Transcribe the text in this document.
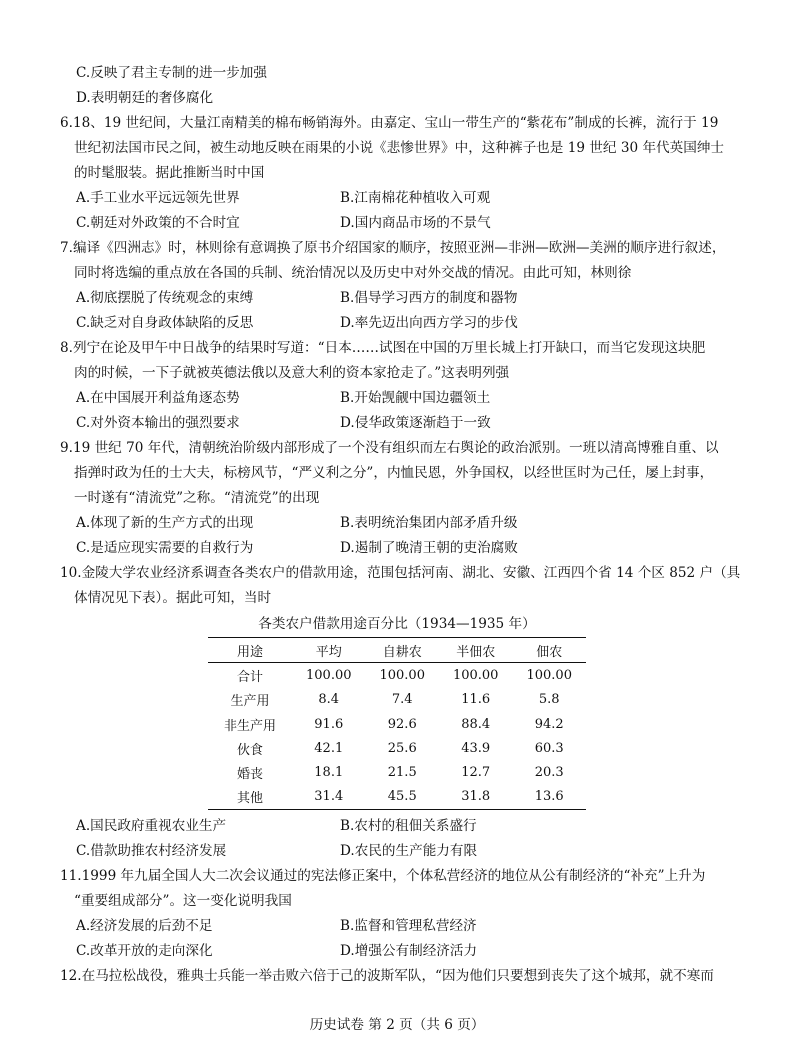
C.反映了君主专制的进一步加强
D.表明朝廷的奢侈腐化
6.18、19 世纪间，大量江南精美的棉布畅销海外。由嘉定、宝山一带生产的“紫花布”制成的长裤，流行于 19
世纪初法国市民之间，被生动地反映在雨果的小说《悲惨世界》中，这种裤子也是 19 世纪 30 年代英国绅士
的时髦服装。据此推断当时中国
A.手工业水平远远领先世界	B.江南棉花种植收入可观
C.朝廷对外政策的不合时宜	D.国内商品市场的不景气
7.编译《四洲志》时，林则徐有意调换了原书介绍国家的顺序，按照亚洲—非洲—欧洲—美洲的顺序进行叙述，
同时将选编的重点放在各国的兵制、统治情况以及历史中对外交战的情况。由此可知，林则徐
A.彻底摆脱了传统观念的束缚	B.倡导学习西方的制度和器物
C.缺乏对自身政体缺陷的反思	D.率先迈出向西方学习的步伐
8.列宁在论及甲午中日战争的结果时写道：“日本……试图在中国的万里长城上打开缺口，而当它发现这块肥
肉的时候，一下子就被英德法俄以及意大利的资本家抢走了。”这表明列强
A.在中国展开利益角逐态势	B.开始觊觎中国边疆领土
C.对外资本输出的强烈要求	D.侵华政策逐渐趋于一致
9.19 世纪 70 年代，清朝统治阶级内部形成了一个没有组织而左右舆论的政治派别。一班以清高博雅自重、以
指弹时政为任的士大夫，标榜风节，“严义利之分”，内恤民恩，外争国权，以经世匡时为己任，屡上封事，
一时遂有“清流党”之称。“清流党”的出现
A.体现了新的生产方式的出现	B.表明统治集团内部矛盾升级
C.是适应现实需要的自救行为	D.遏制了晚清王朝的吏治腐败
10.金陵大学农业经济系调查各类农户的借款用途，范围包括河南、湖北、安徽、江西四个省 14 个区 852 户（具
体情况见下表）。据此可知，当时
各类农户借款用途百分比（1934—1935 年）
用途	平均	自耕农	半佃农	佃农
合计	100.00	100.00	100.00	100.00
生产用	8.4	7.4	11.6	5.8
非生产用	91.6	92.6	88.4	94.2
伙食	42.1	25.6	43.9	60.3
婚丧	18.1	21.5	12.7	20.3
其他	31.4	45.5	31.8	13.6
A.国民政府重视农业生产	B.农村的租佃关系盛行
C.借款助推农村经济发展	D.农民的生产能力有限
11.1999 年九届全国人大二次会议通过的宪法修正案中，个体私营经济的地位从公有制经济的“补充”上升为
“重要组成部分”。这一变化说明我国
A.经济发展的后劲不足	B.监督和管理私营经济
C.改革开放的走向深化	D.增强公有制经济活力
12.在马拉松战役，雅典士兵能一举击败六倍于己的波斯军队，“因为他们只要想到丧失了这个城邦，就不寒而
历史试卷 第 2 页（共 6 页）
